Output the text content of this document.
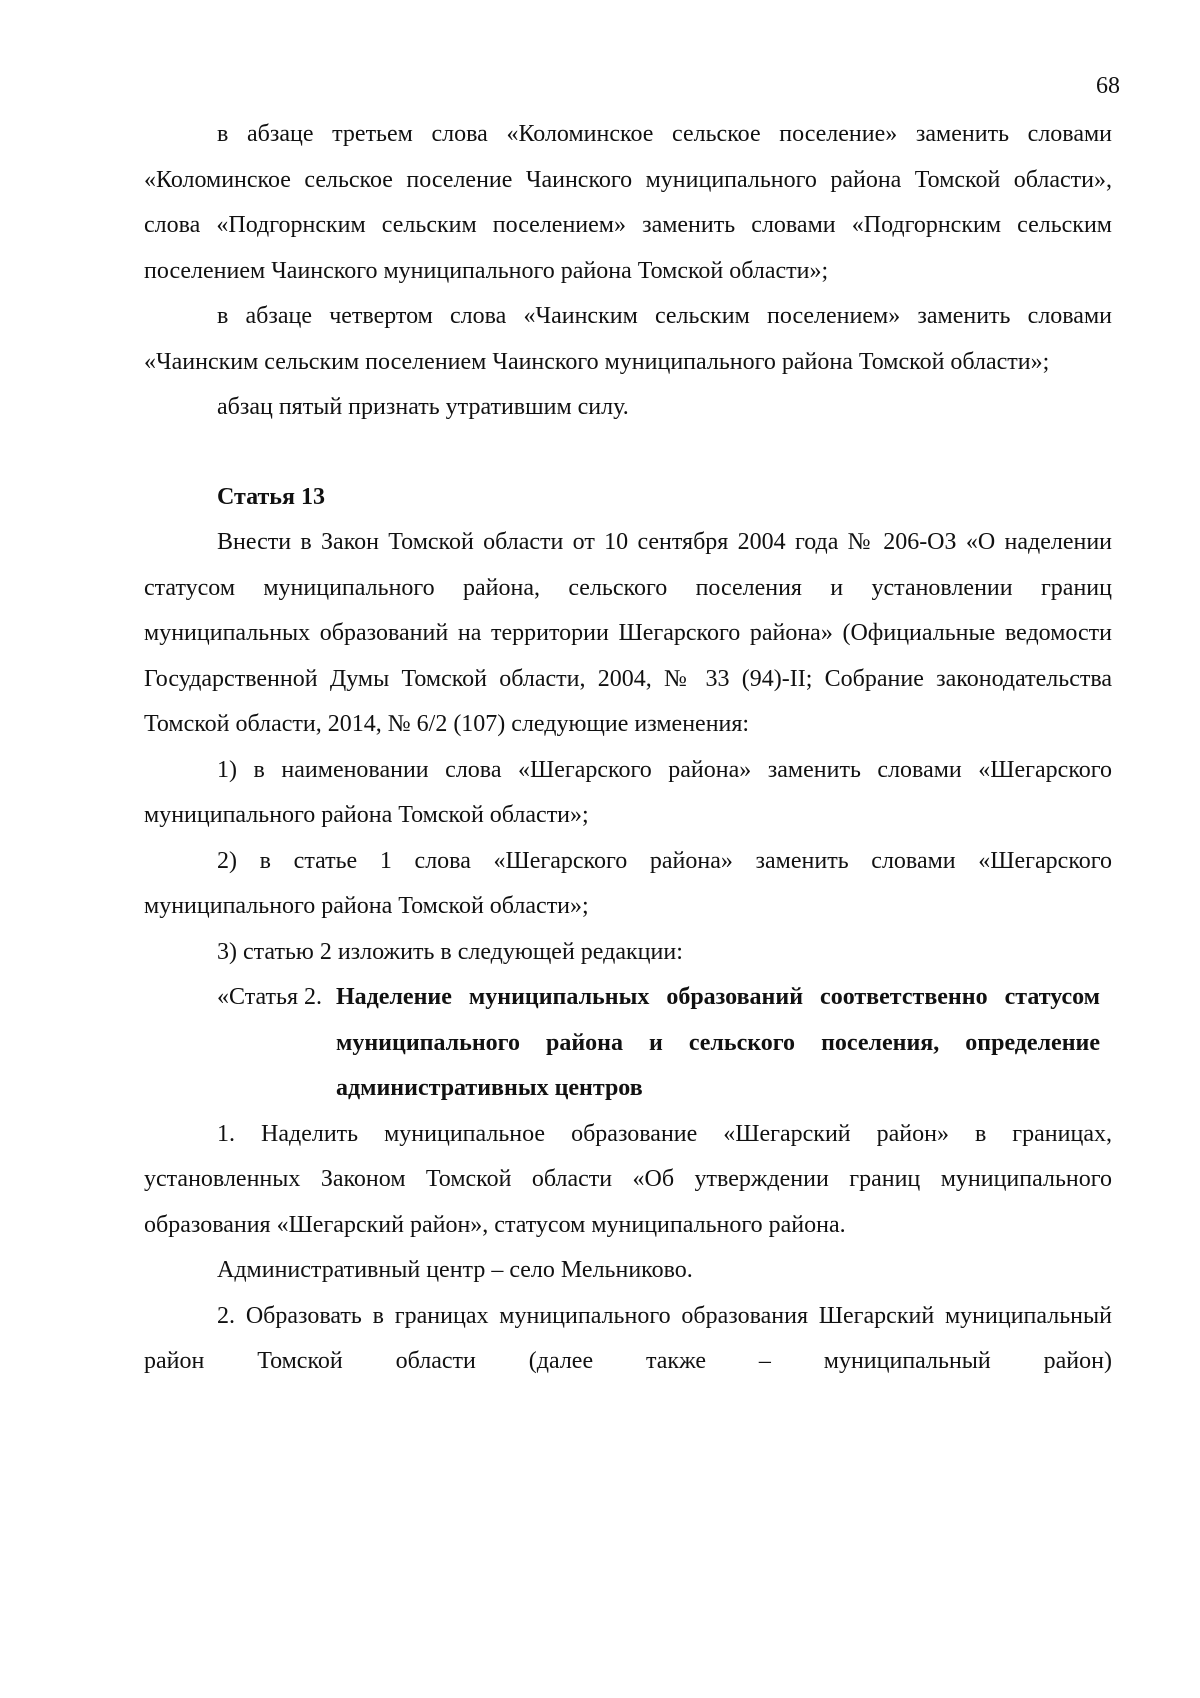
68

в абзаце третьем слова «Коломинское сельское поселение» заменить словами «Коломинское сельское поселение Чаинского муниципального района Томской области», слова «Подгорнским сельским поселением» заменить словами «Подгорнским сельским поселением Чаинского муниципального района Томской области»;

в абзаце четвертом слова «Чаинским сельским поселением» заменить словами «Чаинским сельским поселением Чаинского муниципального района Томской области»;

абзац пятый признать утратившим силу.

Статья 13

Внести в Закон Томской области от 10 сентября 2004 года № 206-ОЗ «О наделении статусом муниципального района, сельского поселения и установлении границ муниципальных образований на территории Шегарского района» (Официальные ведомости Государственной Думы Томской области, 2004, № 33 (94)-II; Собрание законодательства Томской области, 2014, № 6/2 (107) следующие изменения:

1) в наименовании слова «Шегарского района» заменить словами «Шегарского муниципального района Томской области»;

2) в статье 1 слова «Шегарского района» заменить словами «Шегарского муниципального района Томской области»;

3) статью 2 изложить в следующей редакции:

«Статья 2. Наделение муниципальных образований соответственно статусом муниципального района и сельского поселения, определение административных центров

1. Наделить муниципальное образование «Шегарский район» в границах, установленных Законом Томской области «Об утверждении границ муниципального образования «Шегарский район», статусом муниципального района.

Административный центр – село Мельниково.

2. Образовать в границах муниципального образования Шегарский муниципальный район Томской области (далее также – муниципальный район)
